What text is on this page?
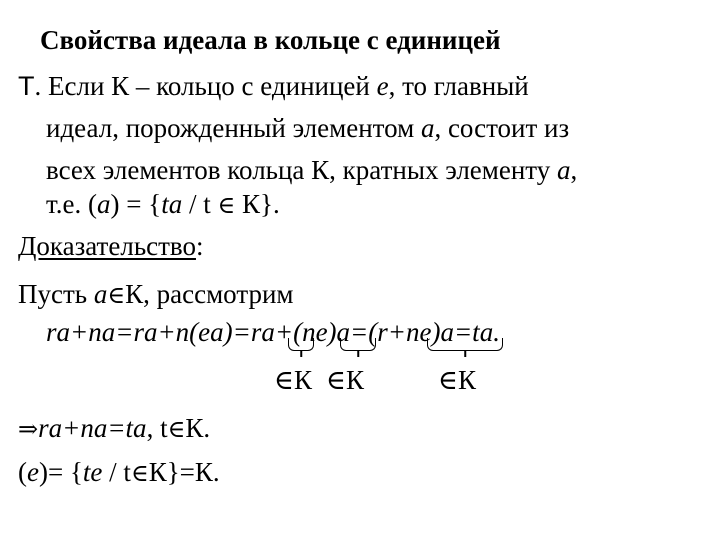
Свойства идеала в кольце с единицей
Т. Если К – кольцо с единицей е, то главный
идеал, порожденный элементом а, состоит из
всех элементов кольца К, кратных элементу а,
т.е. (а) = {ta / t ∈ К}.
Доказательство:
Пусть а∈К, рассмотрим
ra+na=ra+n(ea)=ra+(ne)a=(r+ne)a=ta.
∈К ∈К	∈К
⇒ra+na=ta, t∈К.
(е)= {te / t∈К}=К.
